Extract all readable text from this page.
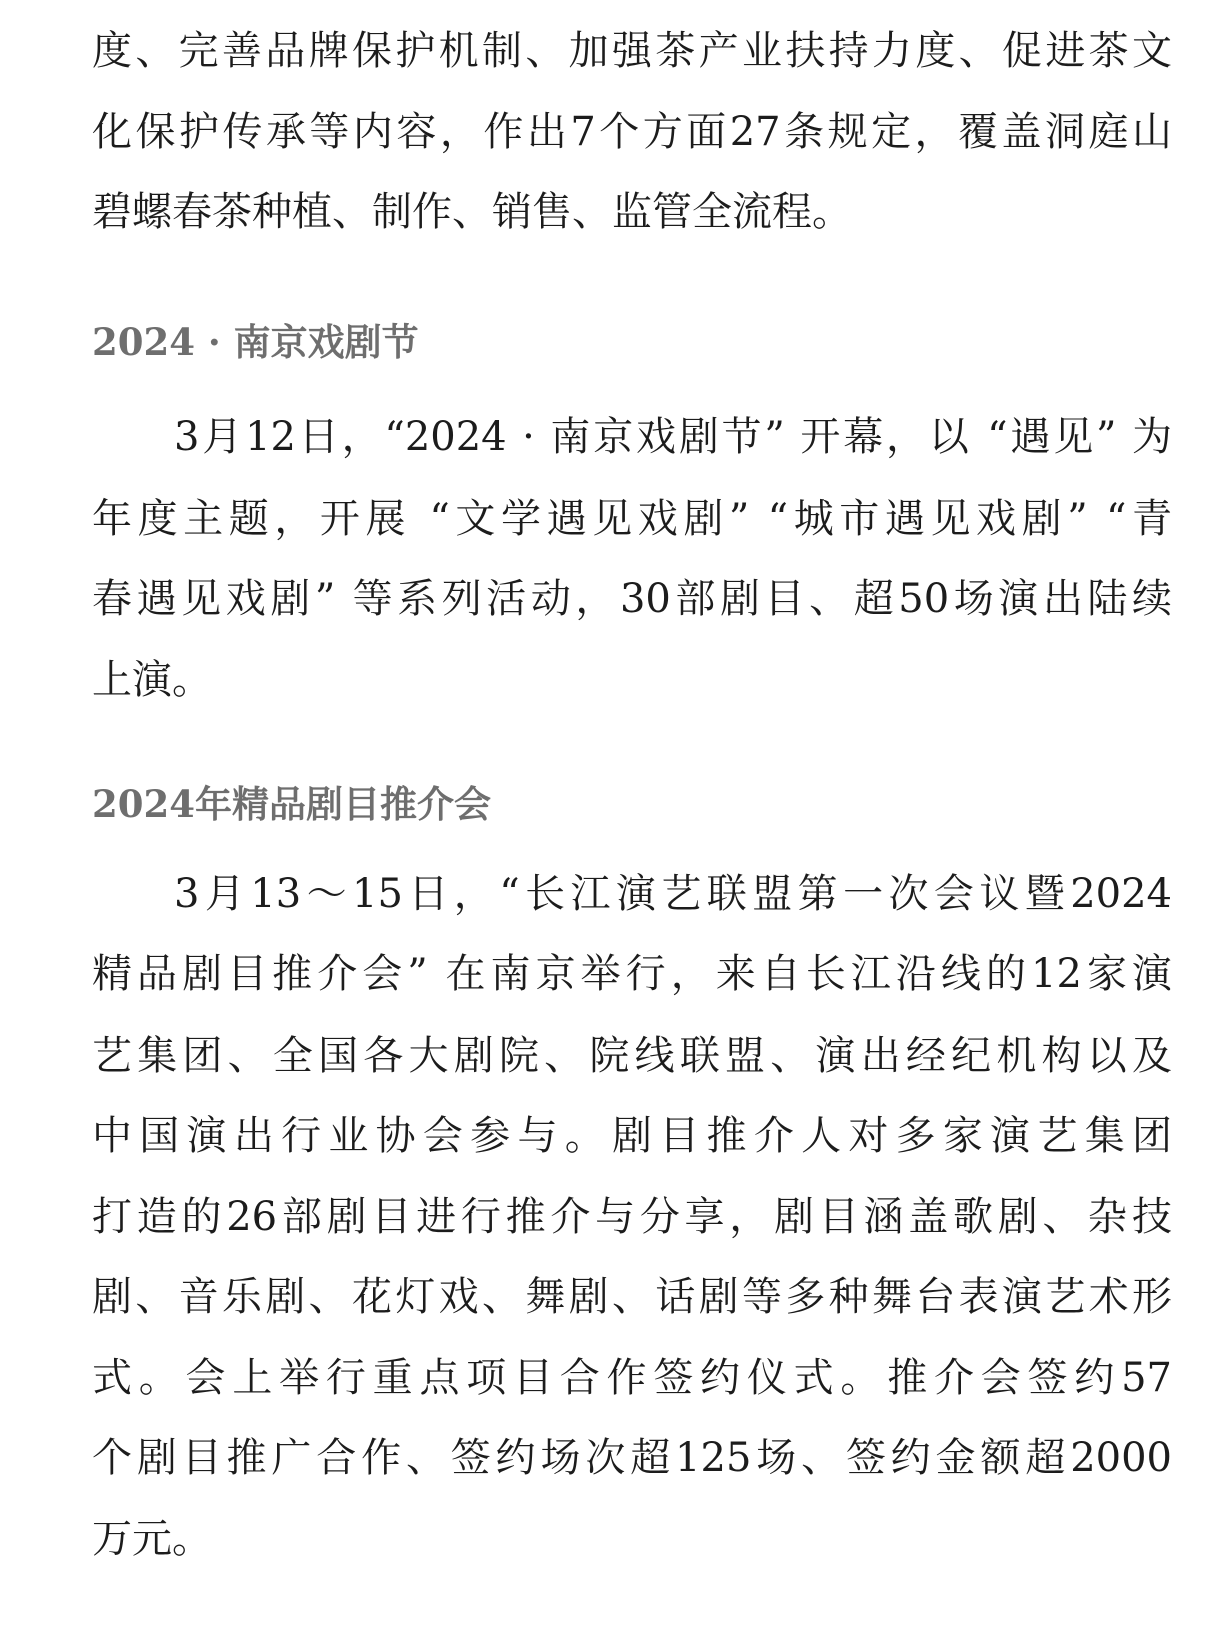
度、完善品牌保护机制、加强茶产业扶持力度、促进茶文
化保护传承等内容，作出7个方面27条规定，覆盖洞庭山
碧螺春茶种植、制作、销售、监管全流程。
2024 · 南京戏剧节
3月12日，“2024 · 南京戏剧节” 开幕，以 “遇见” 为
年度主题，开展 “文学遇见戏剧” “城市遇见戏剧” “青
春遇见戏剧” 等系列活动，30部剧目、超50场演出陆续
上演。
2024年精品剧目推介会
3月13～15日，“长江演艺联盟第一次会议暨2024
精品剧目推介会” 在南京举行，来自长江沿线的12家演
艺集团、全国各大剧院、院线联盟、演出经纪机构以及
中国演出行业协会参与。剧目推介人对多家演艺集团
打造的26部剧目进行推介与分享，剧目涵盖歌剧、杂技
剧、音乐剧、花灯戏、舞剧、话剧等多种舞台表演艺术形
式。会上举行重点项目合作签约仪式。推介会签约57
个剧目推广合作、签约场次超125场、签约金额超2000
万元。
